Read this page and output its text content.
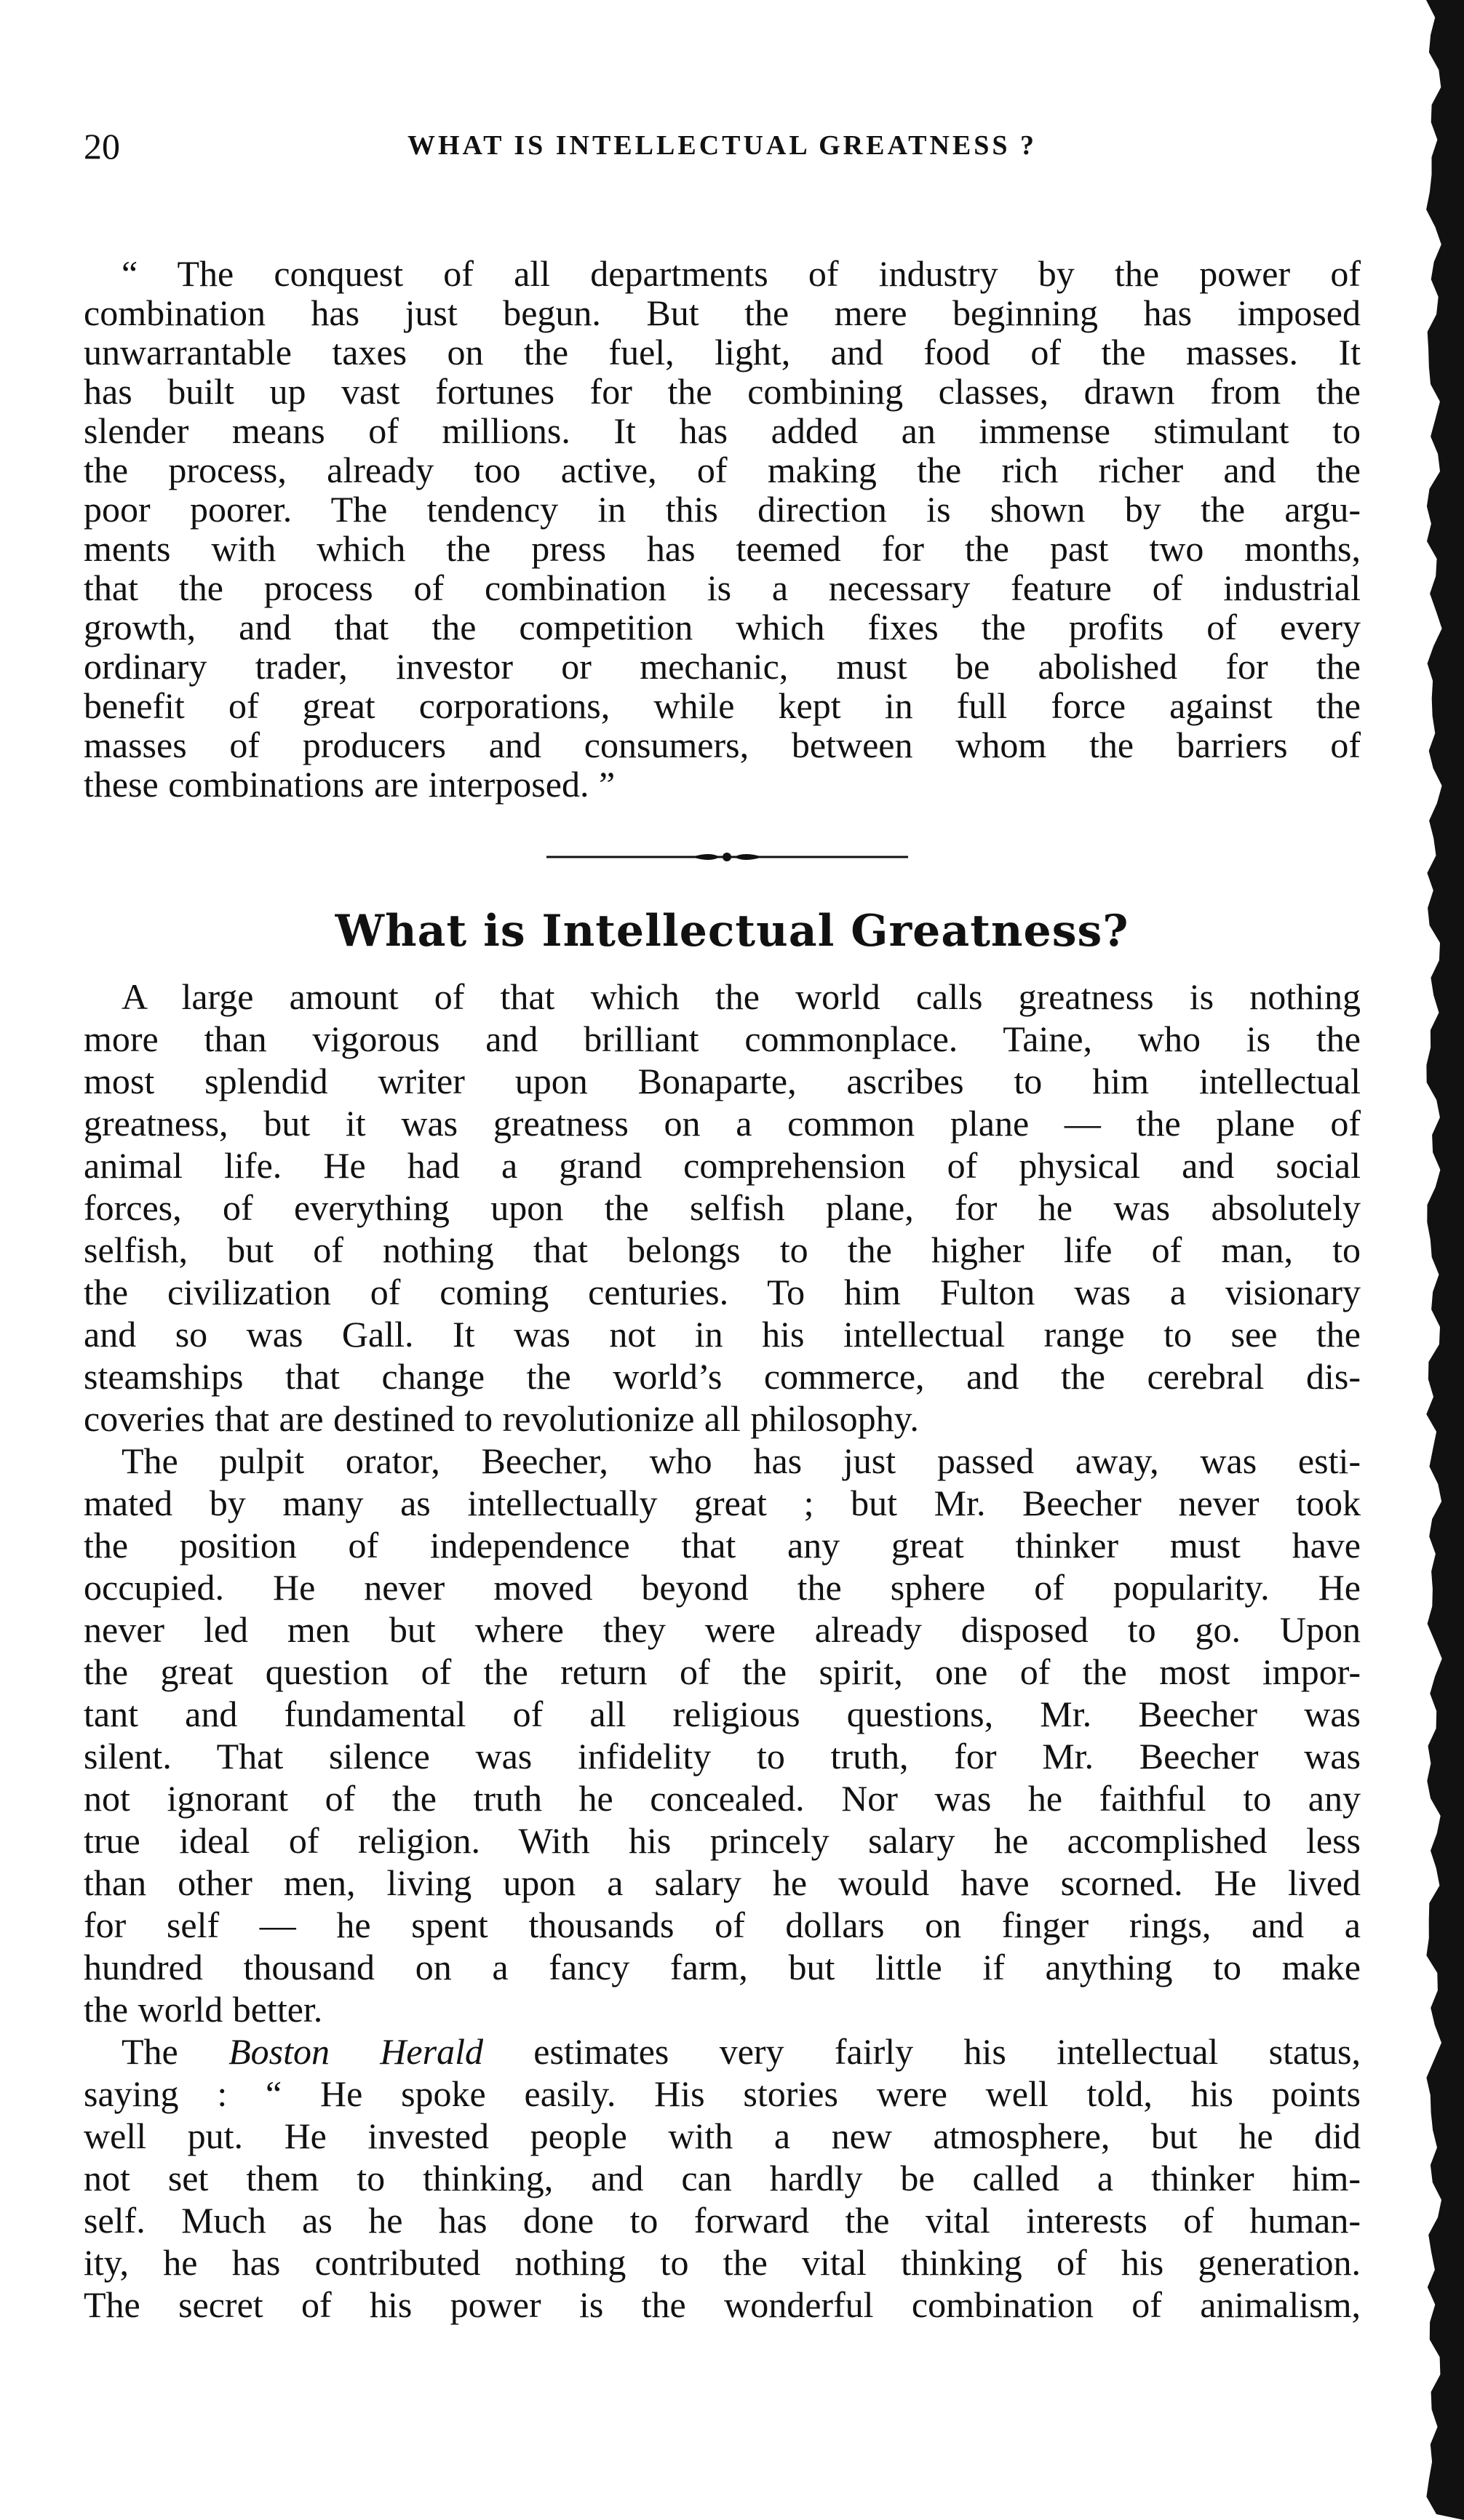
20	WHAT IS INTELLECTUAL GREATNESS ?
“ The conquest of all departments of industry by the power of
combination has just begun. But the mere beginning has imposed
unwarrantable taxes on the fuel, light, and food of the masses. It
has built up vast fortunes for the combining classes, drawn from the
slender means of millions. It has added an immense stimulant to
the process, already too active, of making the rich richer and the
poor poorer. The tendency in this direction is shown by the argu-
ments with which the press has teemed for the past two months,
that the process of combination is a necessary feature of industrial
growth, and that the competition which fixes the profits of every
ordinary trader, investor or mechanic, must be abolished for the
benefit of great corporations, while kept in full force against the
masses of producers and consumers, between whom the barriers of
these combinations are interposed. ”
What is Intellectual Greatness?
A large amount of that which the world calls greatness is nothing
more than vigorous and brilliant commonplace. Taine, who is the
most splendid writer upon Bonaparte, ascribes to him intellectual
greatness, but it was greatness on a common plane — the plane of
animal life. He had a grand comprehension of physical and social
forces, of everything upon the selfish plane, for he was absolutely
selfish, but of nothing that belongs to the higher life of man, to
the civilization of coming centuries. To him Fulton was a visionary
and so was Gall. It was not in his intellectual range to see the
steamships that change the world’s commerce, and the cerebral dis-
coveries that are destined to revolutionize all philosophy.
The pulpit orator, Beecher, who has just passed away, was esti-
mated by many as intellectually great ; but Mr. Beecher never took
the position of independence that any great thinker must have
occupied. He never moved beyond the sphere of popularity. He
never led men but where they were already disposed to go. Upon
the great question of the return of the spirit, one of the most impor-
tant and fundamental of all religious questions, Mr. Beecher was
silent. That silence was infidelity to truth, for Mr. Beecher was
not ignorant of the truth he concealed. Nor was he faithful to any
true ideal of religion. With his princely salary he accomplished less
than other men, living upon a salary he would have scorned. He lived
for self — he spent thousands of dollars on finger rings, and a
hundred thousand on a fancy farm, but little if anything to make
the world better.
The Boston Herald estimates very fairly his intellectual status,
saying : “ He spoke easily. His stories were well told, his points
well put. He invested people with a new atmosphere, but he did
not set them to thinking, and can hardly be called a thinker him-
self. Much as he has done to forward the vital interests of human-
ity, he has contributed nothing to the vital thinking of his generation.
The secret of his power is the wonderful combination of animalism,
